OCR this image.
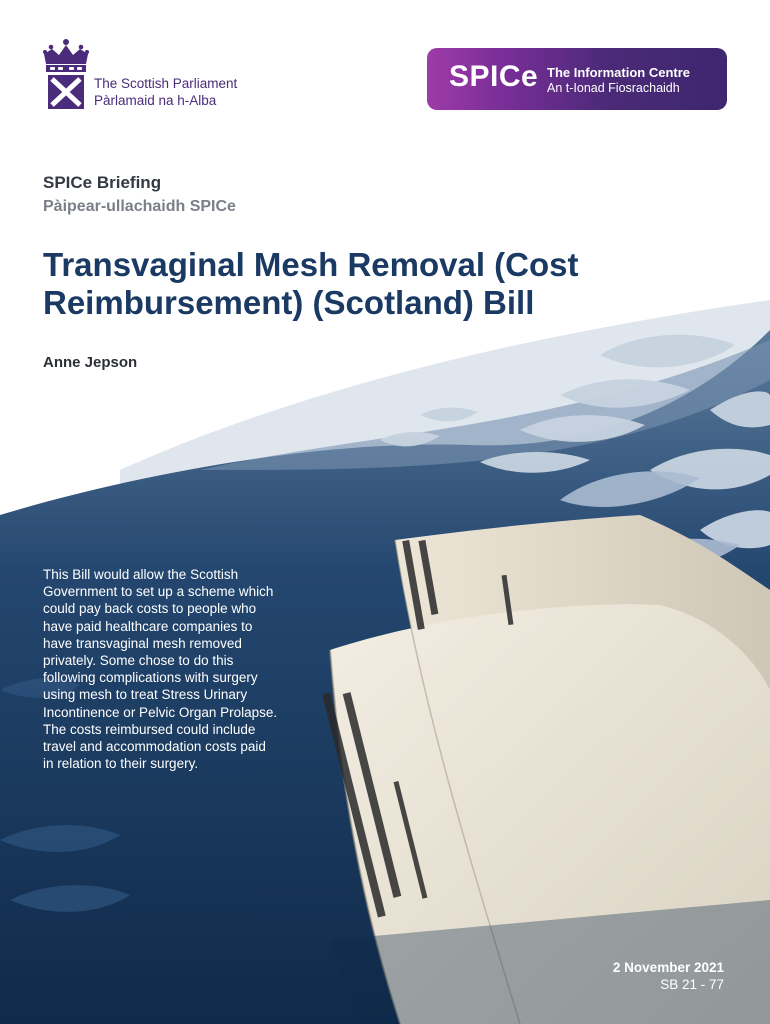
The Scottish Parliament
Pàrlamaid na h-Alba
SPICe The Information Centre
An t-Ionad Fiosrachaidh
SPICe Briefing
Pàipear-ullachaidh SPICe
Transvaginal Mesh Removal (Cost Reimbursement) (Scotland) Bill
Anne Jepson

This Bill would allow the Scottish Government to set up a scheme which could pay back costs to people who have paid healthcare companies to have transvaginal mesh removed privately. Some chose to do this following complications with surgery using mesh to treat Stress Urinary Incontinence or Pelvic Organ Prolapse. The costs reimbursed could include travel and accommodation costs paid in relation to their surgery.

2 November 2021
SB 21 - 77
